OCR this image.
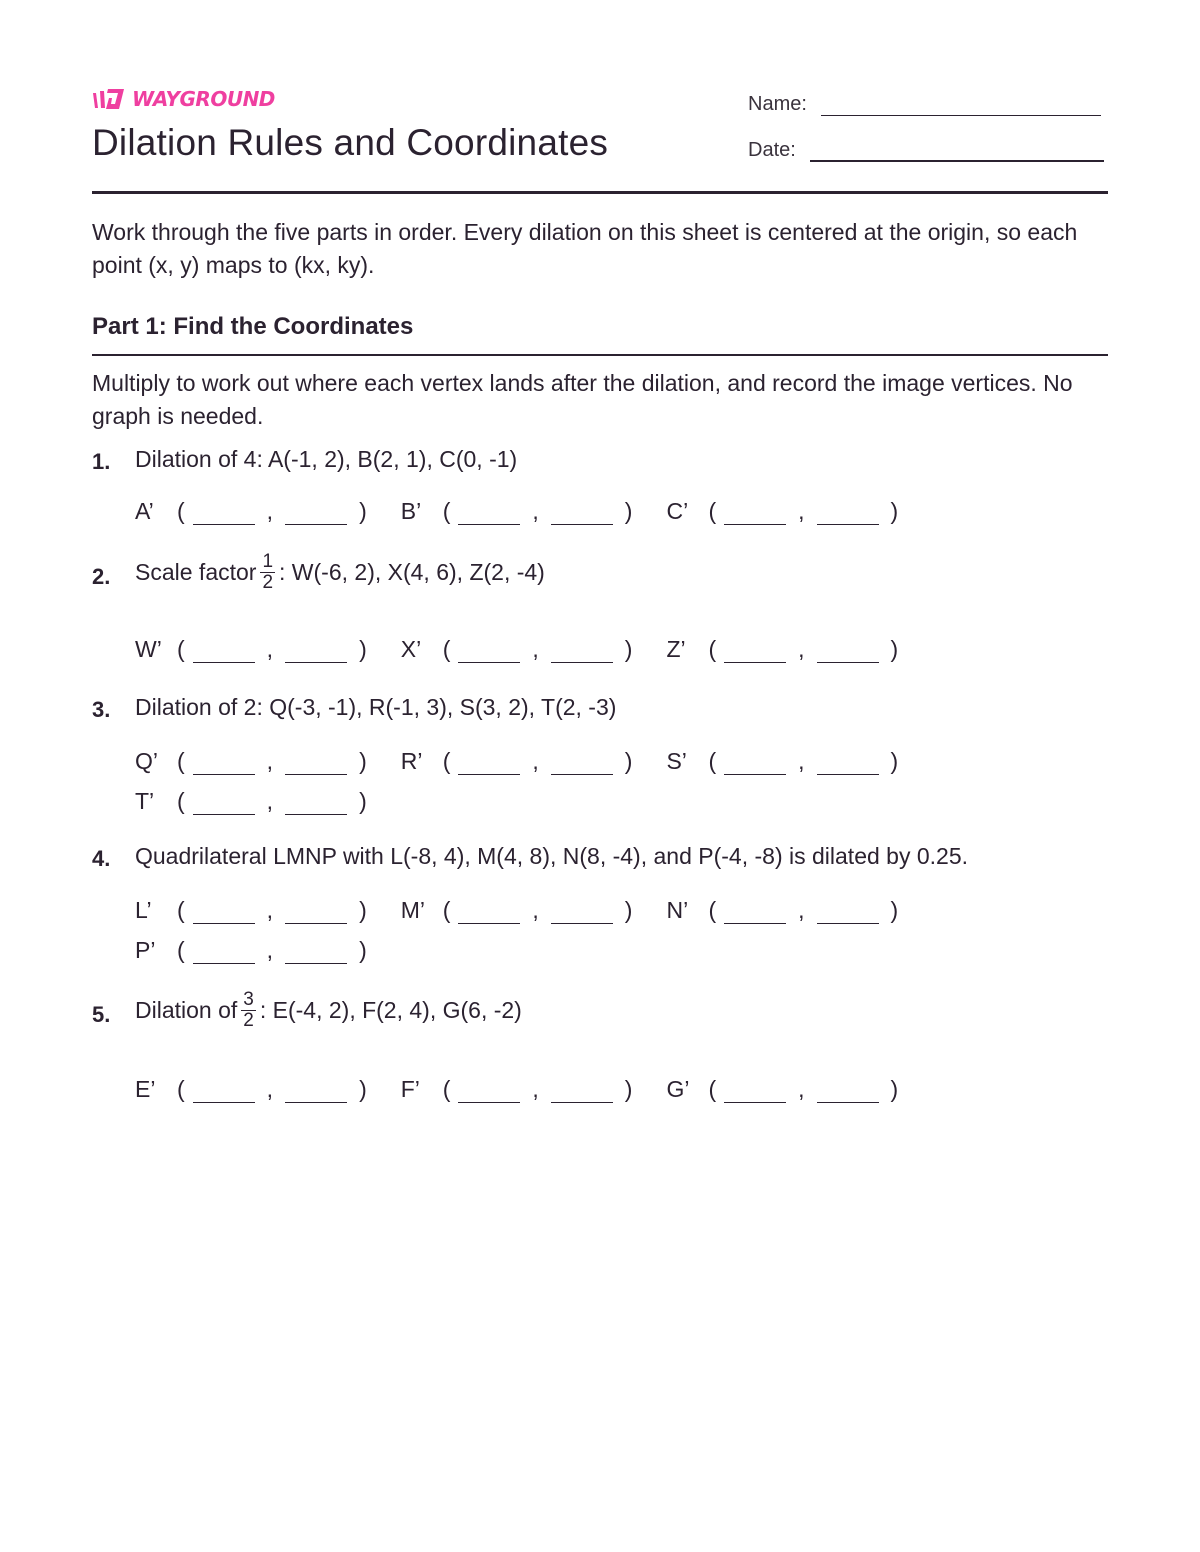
WAYGROUND
Dilation Rules and Coordinates
Name:
Date:
Work through the five parts in order. Every dilation on this sheet is centered at the origin, so each point (x, y) maps to (kx, ky).
Part 1: Find the Coordinates
Multiply to work out where each vertex lands after the dilation, and record the image vertices. No graph is needed.
1. Dilation of 4: A(-1, 2), B(2, 1), C(0, -1)
A’	(	,	) B’ (	,	) C’ (	,	)
2. Scale factor $\frac{1}{2}$ : W(-6, 2), X(4, 6), Z(2, -4)
W’ (	,	) X’ (	,	) Z’ (	,	)
3. Dilation of 2: Q(-3, -1), R(-1, 3), S(3, 2), T(2, -3)
Q’ (	,	) R’ (	,	) S’ (	,	)
T’ (	,	)
4. Quadrilateral LMNP with L(-8, 4), M(4, 8), N(8, -4), and P(-4, -8) is dilated by 0.25.
L’	(	,	) M’ (	,	) N’ (	,	)
P’ (	,	)
5. Dilation of $\frac{3}{2}$ : E(-4, 2), F(2, 4), G(6, -2)
E’ (	,	) F’ (	,	) G’ (	,	)
